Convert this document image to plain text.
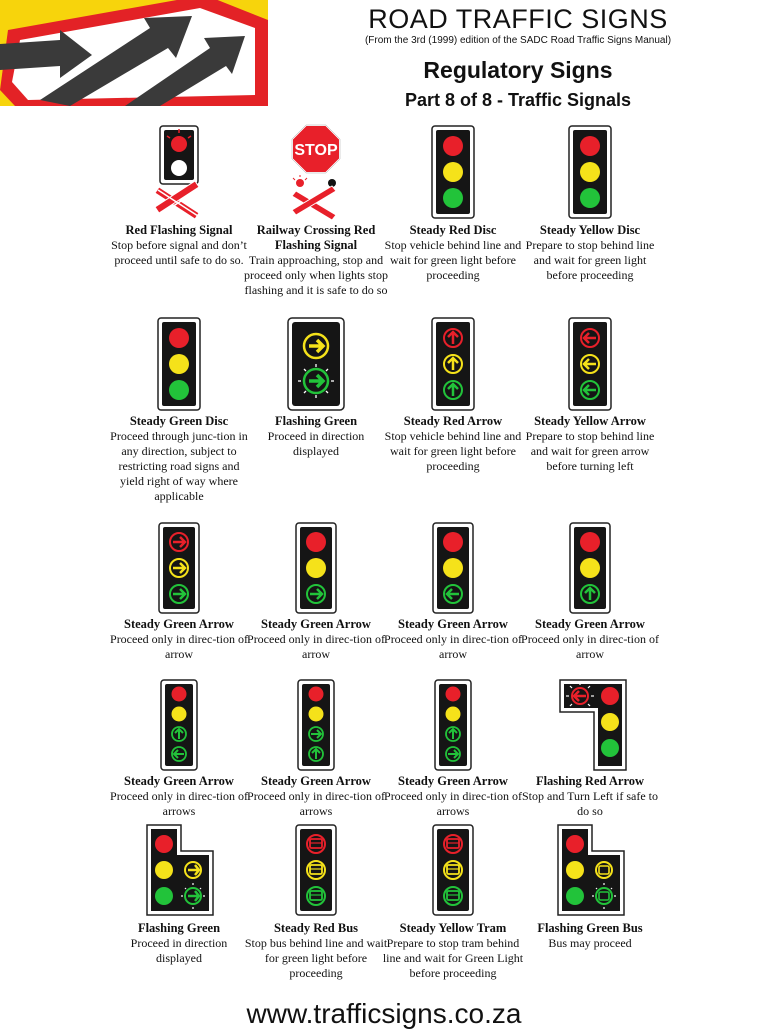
ROAD TRAFFIC SIGNS
(From the 3rd (1999) edition of the SADC Road Traffic Signs Manual)
Regulatory Signs
Part 8 of 8 - Traffic Signals
Red Flashing Signal
Stop before signal and don’t proceed until safe to do so.
STOP
Railway Crossing Red Flashing Signal
Train approaching, stop and proceed only when lights stop flashing and it is safe to do so
Steady Red Disc
Stop vehicle behind line and wait for green light before proceeding
Steady Yellow Disc
Prepare to stop behind line and wait for green light before proceeding
Steady Green Disc
Proceed through junc-tion in any direction, subject to restricting road signs and yield right of way where applicable
Flashing Green
Proceed in direction displayed
Steady Red Arrow
Stop vehicle behind line and wait for green light before proceeding
Steady Yellow Arrow
Prepare to stop behind line and wait for green arrow before turning left
Steady Green Arrow
Proceed only in direc-tion of arrow
Steady Green Arrow
Proceed only in direc-tion of arrow
Steady Green Arrow
Proceed only in direc-tion of arrow
Steady Green Arrow
Proceed only in direc-tion of arrow
Steady Green Arrow
Proceed only in direc-tion of arrows
Steady Green Arrow
Proceed only in direc-tion of arrows
Steady Green Arrow
Proceed only in direc-tion of arrows
Flashing Red Arrow
Stop and Turn Left if safe to do so
Flashing Green
Proceed in direction displayed
Steady Red Bus
Stop bus behind line and wait for green light before proceeding
Steady Yellow Tram
Prepare to stop tram behind line and wait for Green Light before proceeding
Flashing Green Bus
Bus may proceed
www.trafficsigns.co.za
